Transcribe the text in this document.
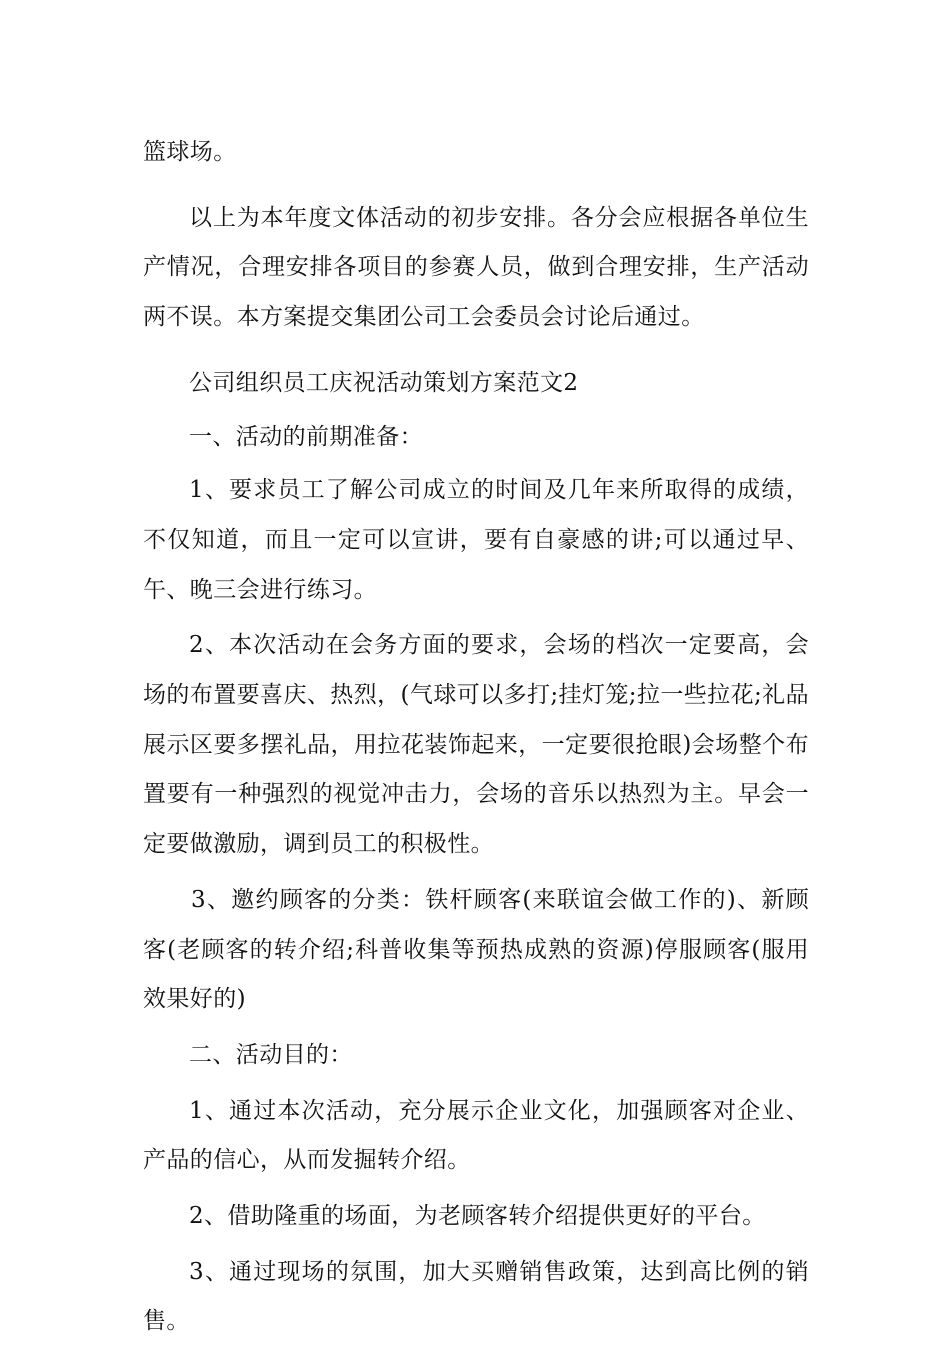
篮球场。

以上为本年度文体活动的初步安排。各分会应根据各单位生产情况，合理安排各项目的参赛人员，做到合理安排，生产活动两不误。本方案提交集团公司工会委员会讨论后通过。

公司组织员工庆祝活动策划方案范文2

一、活动的前期准备：

1、要求员工了解公司成立的时间及几年来所取得的成绩，不仅知道，而且一定可以宣讲，要有自豪感的讲;可以通过早、午、晚三会进行练习。

2、本次活动在会务方面的要求，会场的档次一定要高，会场的布置要喜庆、热烈，(气球可以多打;挂灯笼;拉一些拉花;礼品展示区要多摆礼品，用拉花装饰起来，一定要很抢眼)会场整个布置要有一种强烈的视觉冲击力，会场的音乐以热烈为主。早会一定要做激励，调到员工的积极性。

3、邀约顾客的分类：铁杆顾客(来联谊会做工作的)、新顾客(老顾客的转介绍;科普收集等预热成熟的资源)停服顾客(服用效果好的)

二、活动目的：

1、通过本次活动，充分展示企业文化，加强顾客对企业、产品的信心，从而发掘转介绍。

2、借助隆重的场面，为老顾客转介绍提供更好的平台。

3、通过现场的氛围，加大买赠销售政策，达到高比例的销售。
